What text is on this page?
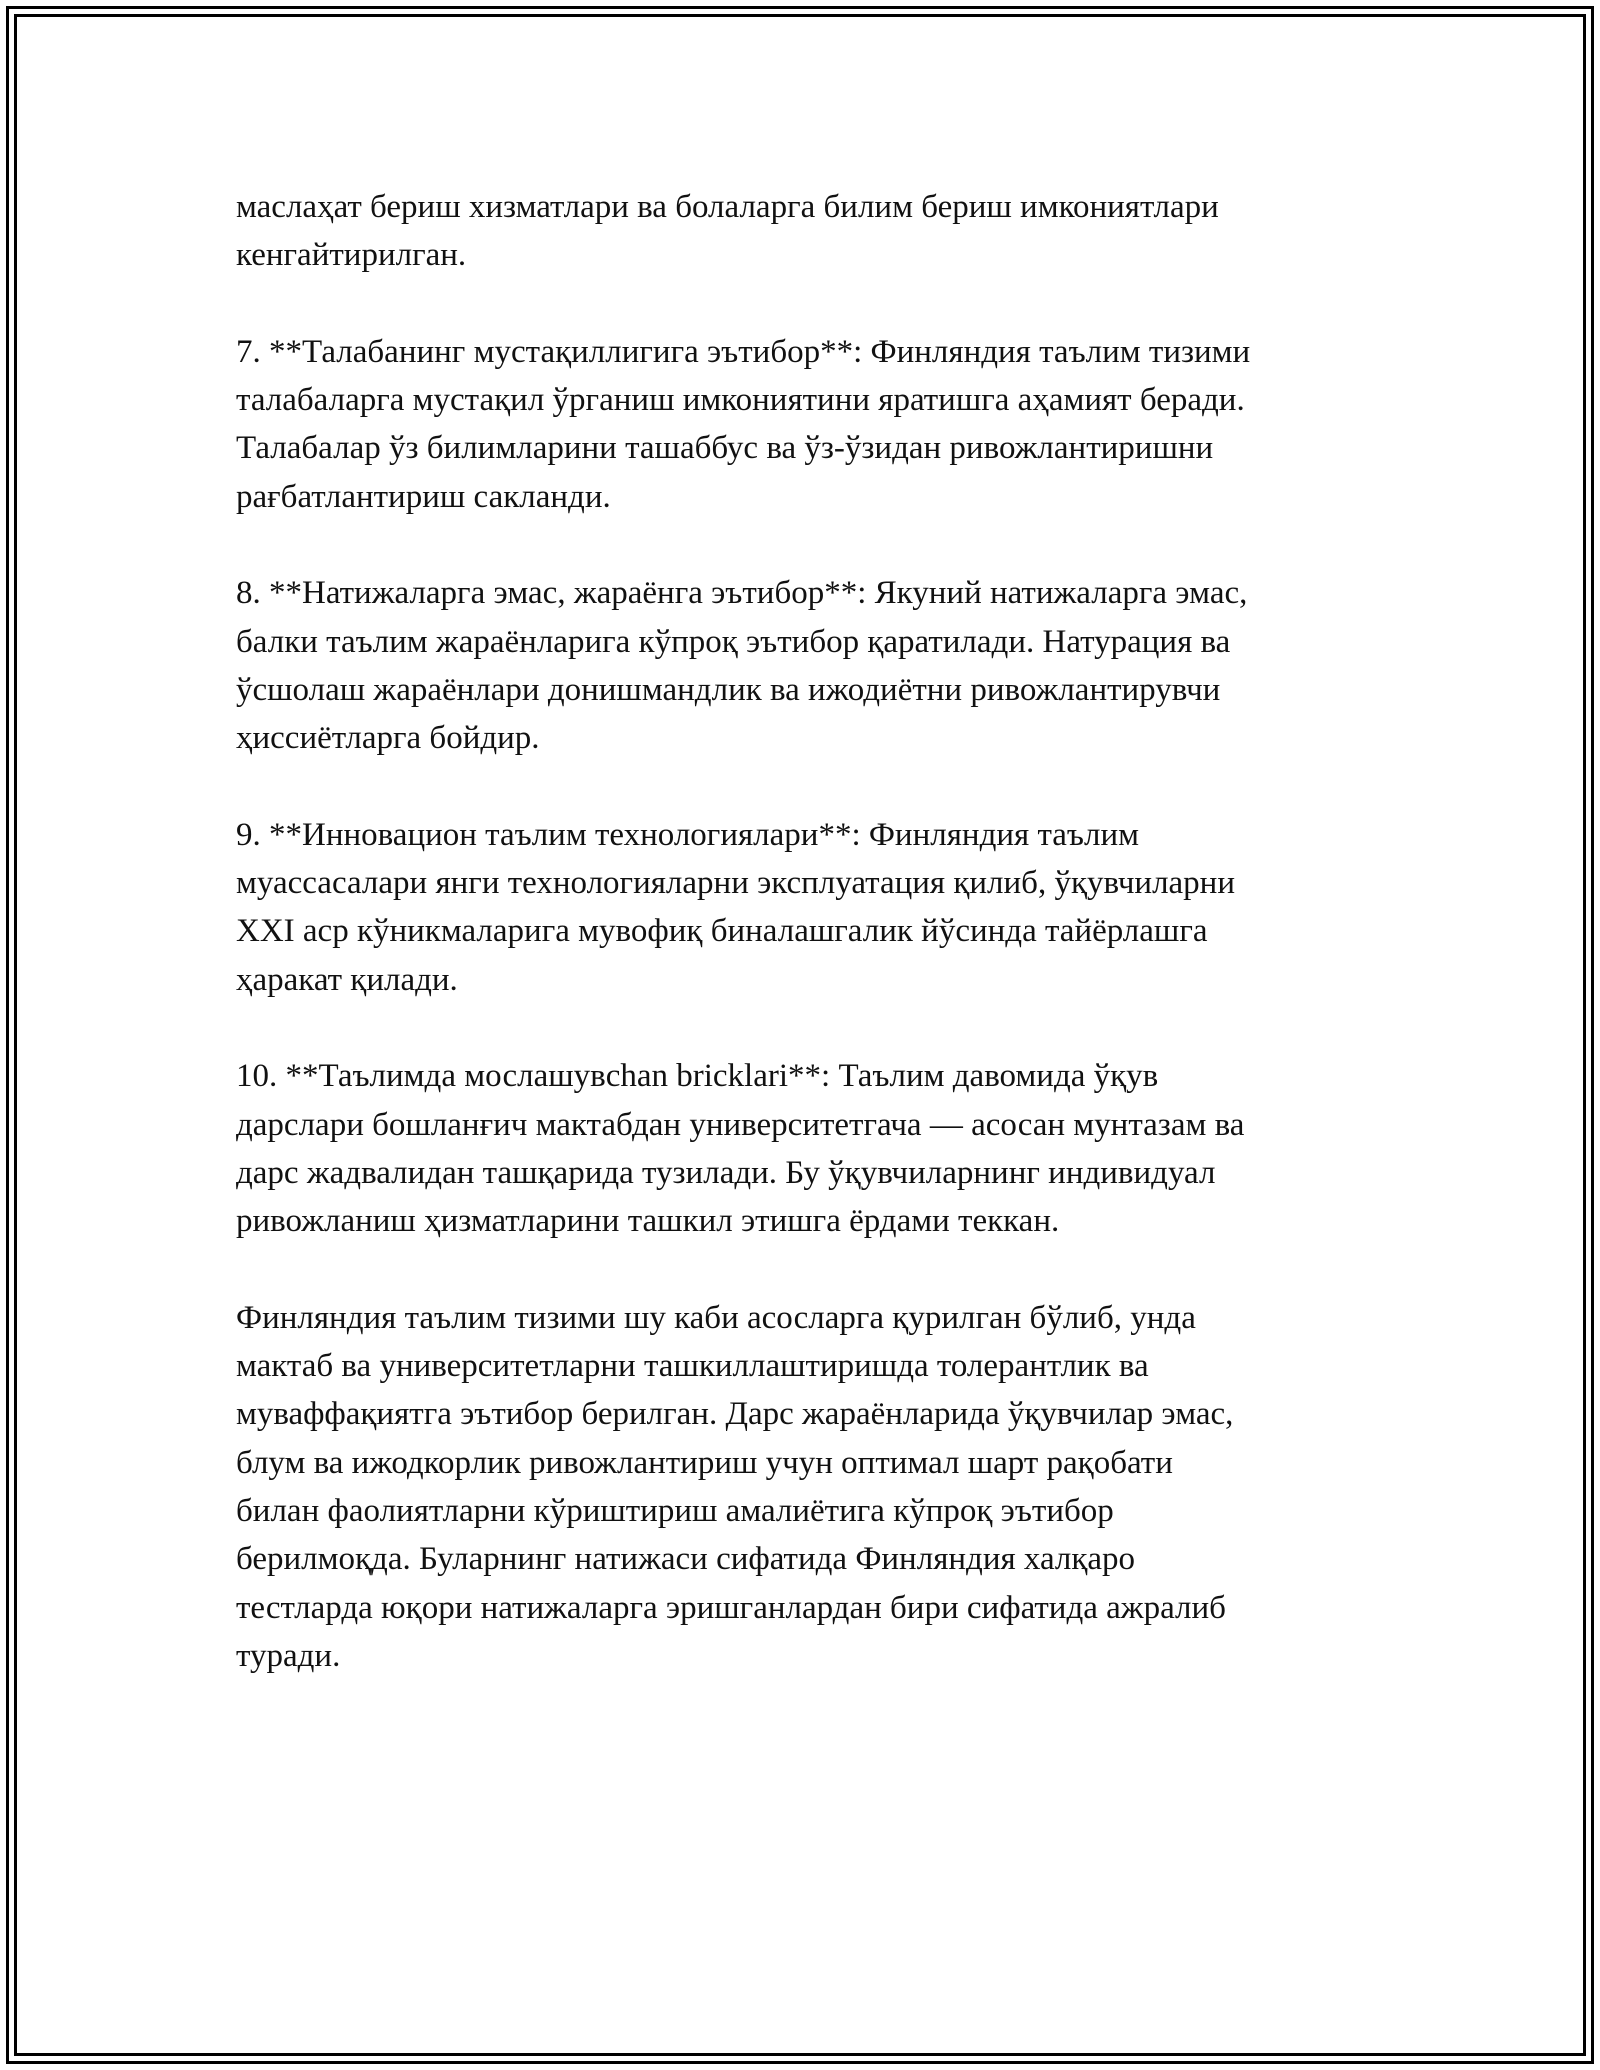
маслаҳат бериш хизматлари ва болаларга билим бериш имкониятлари
кенгайтирилган.

7. **Талабанинг мустақиллигига эътибор**: Финляндия таълим тизими
талабаларга мустақил ўрганиш имкониятини яратишга аҳамият беради.
Талабалар ўз билимларини ташаббус ва ўз-ўзидан ривожлантиришни
рағбатлантириш сакланди.

8. **Натижаларга эмас, жараёнга эътибор**: Якуний натижаларга эмас,
балки таълим жараёнларига кўпроқ эътибор қаратилади. Натурация ва
ўсшолаш жараёнлари донишмандлик ва ижодиётни ривожлантирувчи
ҳиссиётларга бойдир.

9. **Инновацион таълим технологиялари**: Финляндия таълим
муассасалари янги технологияларни эксплуатация қилиб, ўқувчиларни
XXI аср кўникмаларига мувофиқ биналашгалик йўсинда тайёрлашга
ҳаракат қилади.

10. **Таълимда мослашувchan bricklari**: Таълим давомида ўқув
дарслари бошланғич мактабдан университетгача — асосан мунтазам ва
дарс жадвалидан ташқарида тузилади. Бу ўқувчиларнинг индивидуал
ривожланиш ҳизматларини ташкил этишга ёрдами теккан.

Финляндия таълим тизими шу каби асосларга қурилган бўлиб, унда
мактаб ва университетларни ташкиллаштиришда толерантлик ва
муваффақиятга эътибор берилган. Дарс жараёнларида ўқувчилар эмас,
блум ва ижодкорлик ривожлантириш учун оптимал шарт рақобати
билан фаолиятларни кўриштириш амалиётига кўпроқ эътибор
берилмоқда. Буларнинг натижаси сифатида Финляндия халқаро
тестларда юқори натижаларга эришганлардан бири сифатида ажралиб
туради.
